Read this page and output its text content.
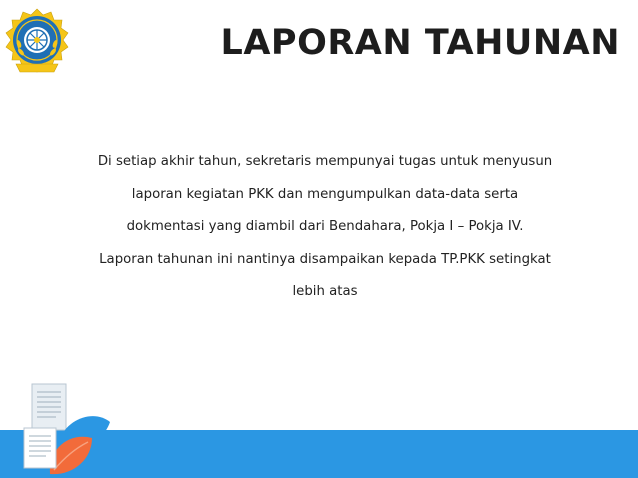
LAPORAN TAHUNAN
Di setiap akhir tahun, sekretaris mempunyai tugas untuk menyusun
laporan kegiatan PKK dan mengumpulkan data-data serta
dokmentasi yang diambil dari Bendahara, Pokja I – Pokja IV.
Laporan tahunan ini nantinya disampaikan kepada TP.PKK setingkat
lebih atas
